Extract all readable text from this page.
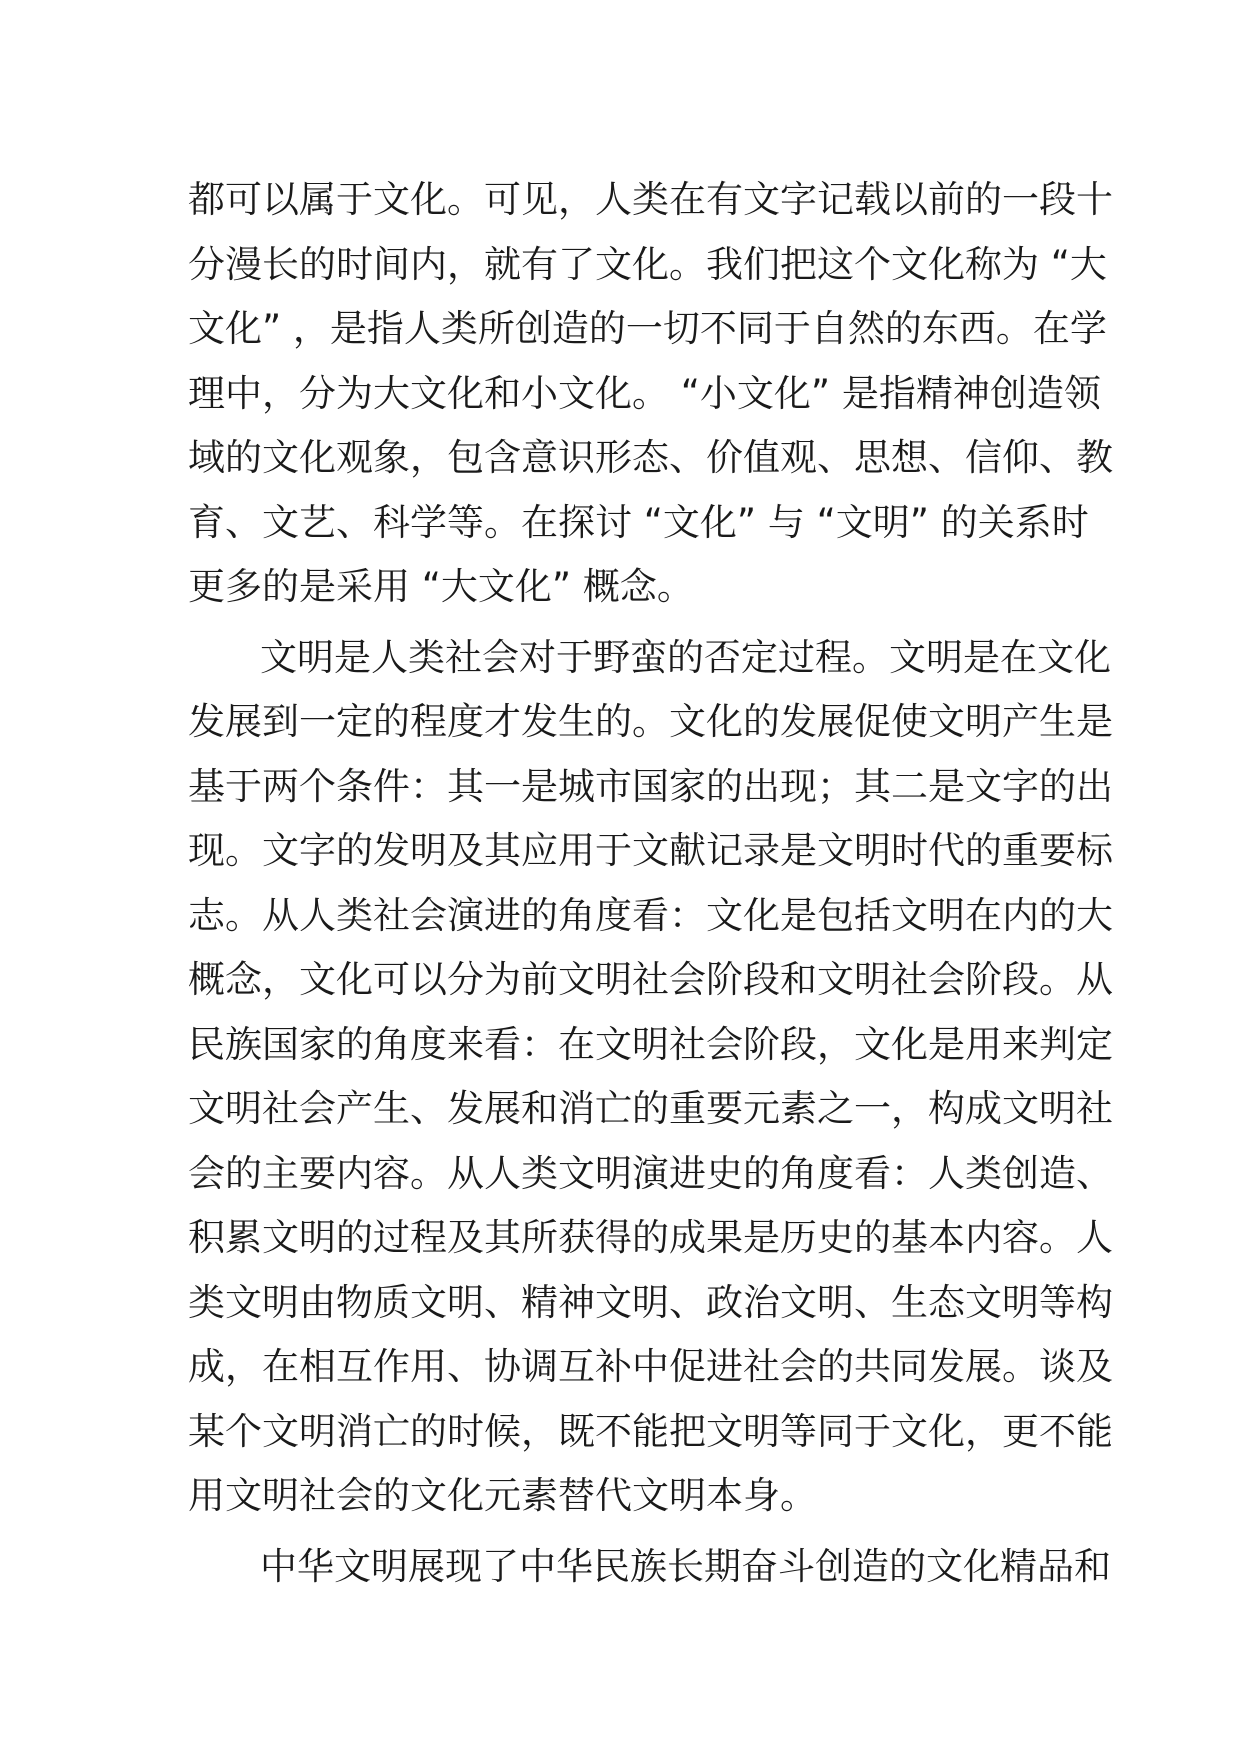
都可以属于文化。可见，人类在有文字记载以前的一段十
分漫长的时间内，就有了文化。我们把这个文化称为 “大
文化” ，是指人类所创造的一切不同于自然的东西。在学
理中，分为大文化和小文化。 “小文化” 是指精神创造领
域的文化观象，包含意识形态、价值观、思想、信仰、教
育、文艺、科学等。在探讨 “文化” 与 “文明” 的关系时
更多的是采用 “大文化” 概念。
文明是人类社会对于野蛮的否定过程。文明是在文化
发展到一定的程度才发生的。文化的发展促使文明产生是
基于两个条件：其一是城市国家的出现；其二是文字的出
现。文字的发明及其应用于文献记录是文明时代的重要标
志。从人类社会演进的角度看：文化是包括文明在内的大
概念，文化可以分为前文明社会阶段和文明社会阶段。从
民族国家的角度来看：在文明社会阶段，文化是用来判定
文明社会产生、发展和消亡的重要元素之一，构成文明社
会的主要内容。从人类文明演进史的角度看：人类创造、
积累文明的过程及其所获得的成果是历史的基本内容。人
类文明由物质文明、精神文明、政治文明、生态文明等构
成，在相互作用、协调互补中促进社会的共同发展。谈及
某个文明消亡的时候，既不能把文明等同于文化，更不能
用文明社会的文化元素替代文明本身。
中华文明展现了中华民族长期奋斗创造的文化精品和
